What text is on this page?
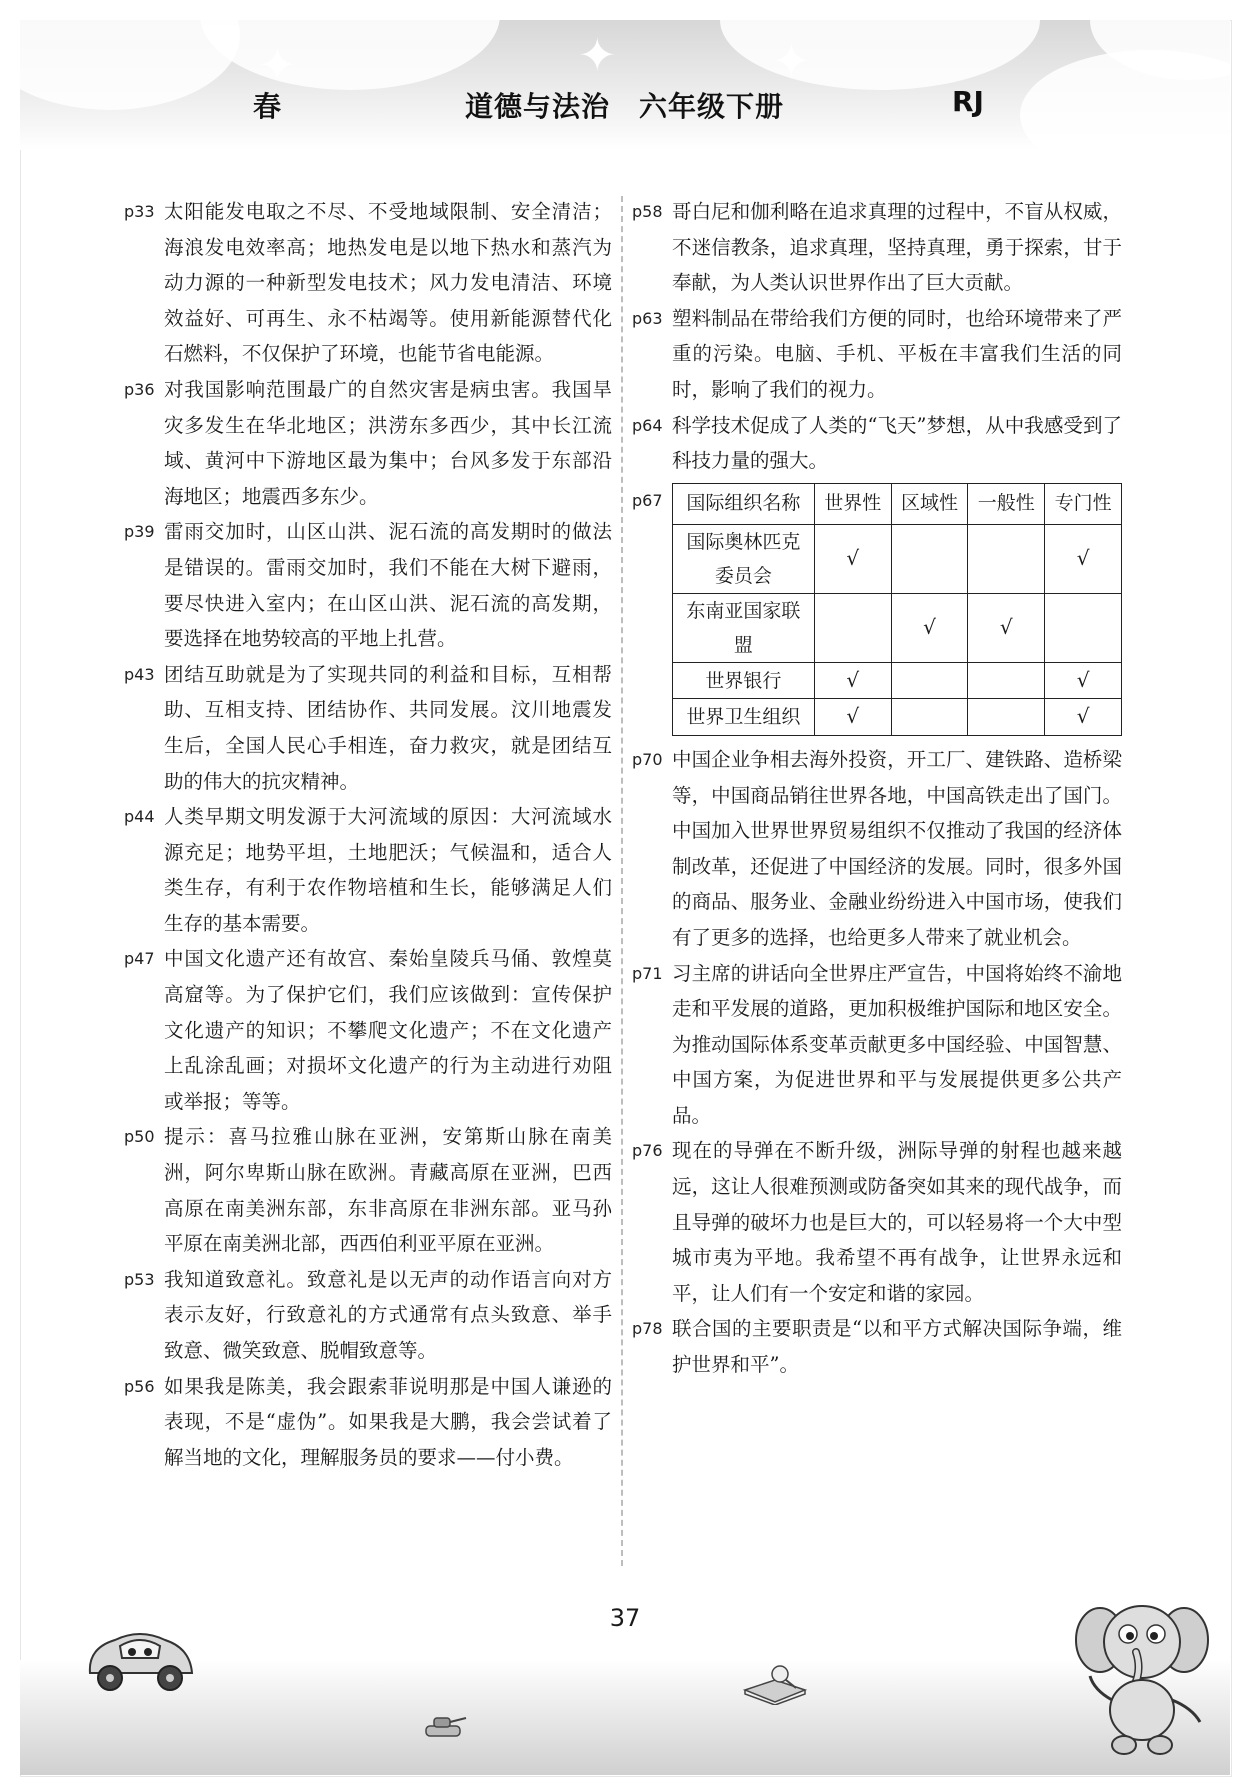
✦	✦	✦
春	道德与法治　六年级下册	RJ
p33 太阳能发电取之不尽、不受地域限制、安全清洁；海浪发电效率高；地热发电是以地下热水和蒸汽为动力源的一种新型发电技术；风力发电清洁、环境效益好、可再生、永不枯竭等。使用新能源替代化石燃料，不仅保护了环境，也能节省电能源。
p36 对我国影响范围最广的自然灾害是病虫害。我国旱灾多发生在华北地区；洪涝东多西少，其中长江流域、黄河中下游地区最为集中；台风多发于东部沿海地区；地震西多东少。
p39 雷雨交加时，山区山洪、泥石流的高发期时的做法是错误的。雷雨交加时，我们不能在大树下避雨，要尽快进入室内；在山区山洪、泥石流的高发期，要选择在地势较高的平地上扎营。
p43 团结互助就是为了实现共同的利益和目标，互相帮助、互相支持、团结协作、共同发展。汶川地震发生后，全国人民心手相连，奋力救灾，就是团结互助的伟大的抗灾精神。
p44 人类早期文明发源于大河流域的原因：大河流域水源充足；地势平坦，土地肥沃；气候温和，适合人类生存，有利于农作物培植和生长，能够满足人们生存的基本需要。
p47 中国文化遗产还有故宫、秦始皇陵兵马俑、敦煌莫高窟等。为了保护它们，我们应该做到：宣传保护文化遗产的知识；不攀爬文化遗产；不在文化遗产上乱涂乱画；对损坏文化遗产的行为主动进行劝阻或举报；等等。
p50 提示：喜马拉雅山脉在亚洲，安第斯山脉在南美洲，阿尔卑斯山脉在欧洲。青藏高原在亚洲，巴西高原在南美洲东部，东非高原在非洲东部。亚马孙平原在南美洲北部，西西伯利亚平原在亚洲。
p53 我知道致意礼。致意礼是以无声的动作语言向对方表示友好，行致意礼的方式通常有点头致意、举手致意、微笑致意、脱帽致意等。
p56 如果我是陈美，我会跟索菲说明那是中国人谦逊的表现，不是“虚伪”。如果我是大鹏，我会尝试着了解当地的文化，理解服务员的要求——付小费。
p58 哥白尼和伽利略在追求真理的过程中，不盲从权威，不迷信教条，追求真理，坚持真理，勇于探索，甘于奉献，为人类认识世界作出了巨大贡献。
p63 塑料制品在带给我们方便的同时，也给环境带来了严重的污染。电脑、手机、平板在丰富我们生活的同时，影响了我们的视力。
p64 科学技术促成了人类的“飞天”梦想，从中我感受到了科技力量的强大。
p67	国际组织名称	世界性	区域性	一般性	专门性
国际奥林匹克委员会	√			√
东南亚国家联盟		√	√	
世界银行	√			√
世界卫生组织	√			√
p70 中国企业争相去海外投资，开工厂、建铁路、造桥梁等，中国商品销往世界各地，中国高铁走出了国门。中国加入世界世界贸易组织不仅推动了我国的经济体制改革，还促进了中国经济的发展。同时，很多外国的商品、服务业、金融业纷纷进入中国市场，使我们有了更多的选择，也给更多人带来了就业机会。
p71 习主席的讲话向全世界庄严宣告，中国将始终不渝地走和平发展的道路，更加积极维护国际和地区安全。为推动国际体系变革贡献更多中国经验、中国智慧、中国方案，为促进世界和平与发展提供更多公共产品。
p76 现在的导弹在不断升级，洲际导弹的射程也越来越远，这让人很难预测或防备突如其来的现代战争，而且导弹的破坏力也是巨大的，可以轻易将一个大中型城市夷为平地。我希望不再有战争，让世界永远和平，让人们有一个安定和谐的家园。
p78 联合国的主要职责是“以和平方式解决国际争端，维护世界和平”。
37
